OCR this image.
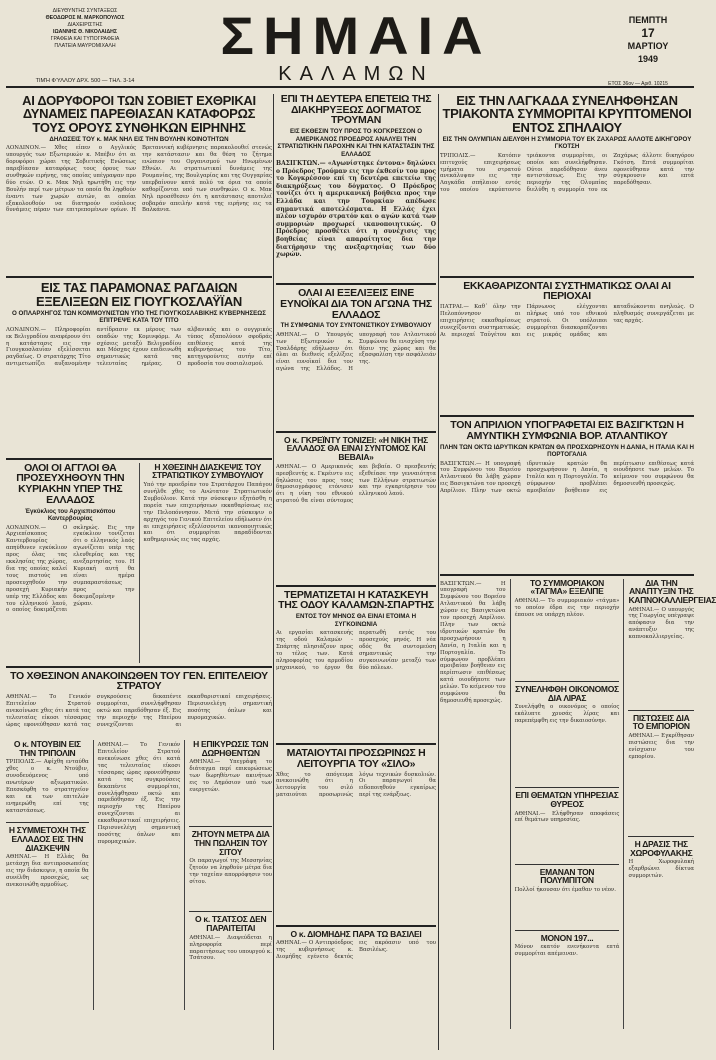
ΔΙΕΥΘΥΝΤΗΣ ΣΥΝΤΑΞΕΩΣ
ΘΕΟΔΩΡΟΣ Μ. ΜΑΡΚΟΠΟΥΛΟΣ
ΔΙΑΧΕΙΡΙΣΤΗΣ
ΙΩΑΝΝΗΣ Θ. ΝΙΚΟΛΑΙΔΗΣ
ΓΡΑΦΕΙΑ ΚΑΙ ΤΥΠΟΓΡΑΦΕΙΑ
ΠΛΑΤΕΙΑ ΜΑΥΡΟΜΙΧΑΛΗ
ΤΙΜΉ ΦΎΛΛΟΥ ΔΡΧ. 500 — ΤΗΛ. 3-14
ΣΗΜΑΙΑ
ΚΑΛΑΜΩΝ
ΠΕΜΠΤΗ
17
ΜΑΡΤΙΟΥ
1949
ΕΤΟΣ 36ον — Αριθ. 10215
ΑΙ ΔΟΡΥΦΟΡΟΙ ΤΩΝ ΣΟΒΙΕΤ ΕΧΘΡΙΚΑΙ ΔΥΝΑΜΕΙΣ ΠΑΡΕΘΙΑΣΑΝ ΚΑΤΑΦΟΡΩΣ ΤΟΥΣ ΟΡΟΥΣ ΣΥΝΘΗΚΩΝ ΕΙΡΗΝΗΣ
ΔΗΛΩΣΕΙΣ ΤΟΥ κ. ΜΑΚ ΝΗΛ ΕΙΣ ΤΗΝ ΒΟΥΛΗΝ ΚΟΙΝΟΤΗΤΩΝ
ΛΟΝΔΙΝΟΝ.— Χθες είπεν ο Αγγλικός υπουργός των Εξωτερικών κ. Μπέβιν ότι αι δορυφόροι χώραι της Σοβιετικής Ενώσεως παρεβίασαν καταφόρως τους όρους των συνθηκών ειρήνης, τας οποίας υπέγραψαν προ δύο ετών. Ο κ. Μακ Νηλ ηρωτήθη εις την Βουλήν περί των μέτρων τα οποία θα ληφθούν έναντι των χωρών αυτών, αι οποίαι εξακολουθούν να διατηρούν ενόπλους δυνάμεις πέραν των επιτρεπομένων ορίων. Η Βρεταννική κυβέρνησις παρακολουθεί στενώς την κατάστασιν και θα θέση το ζήτημα ενώπιον του Οργανισμού των Ηνωμένων Εθνών. Αι στρατιωτικαί δυνάμεις της Ρουμανίας, της Βουλγαρίας και της Ουγγαρίας υπερβαίνουν κατά πολύ τα όρια τα οποία καθορίζονται υπό των συνθηκών. Ο κ. Μακ Νηλ προσέθεσεν ότι η κατάστασις αποτελεί σοβαράν απειλήν κατά της ειρήνης εις τα Βαλκάνια.
ΕΙΣ ΤΑΣ ΠΑΡΑΜΟΝΑΣ ΡΑΓΔΑΙΩΝ ΕΞΕΛΙΞΕΩΝ ΕΙΣ ΓΙΟΥΓΚΟΣΛΑΫΪΑΝ
Ο ΟΠΛΑΡΧΗΓΟΣ ΤΩΝ ΚΟΜΜΟΥΝΙΣΤΩΝ ΥΠΟ ΤΗΣ ΓΙΟΥΓΚΟΣΛΑΒΙΚΗΣ ΚΥΒΕΡΝΗΣΕΩΣ ΕΠΙΤΡΕΨΕ ΚΑΤΑ ΤΟΥ ΤΙΤΟ
ΛΟΝΔΙΝΟΝ.— Πληροφορίαι εκ Βελιγραδίου αναφέρουν ότι η κατάστασις εις την Γιουγκοσλαυΐαν εξελίσσεται ραγδαίως. Ο στρατάρχης Τίτο αντιμετωπίζει αυξανομένην αντίδρασιν εκ μέρους των οπαδών της Κομινφόρμ. Αι σχέσεις μεταξύ Βελιγραδίου και Μόσχας έχουν επιδεινωθή σημαντικώς κατά τας τελευταίας ημέρας. Ο αλβανικός και ο ουγγρικός τύπος εξαπολύουν σφοδράς επιθέσεις κατά της κυβερνήσεως του Τίτο, κατηγορούντες αυτήν επί προδοσία του σοσιαλισμού.
ΟΛΟΙ ΟΙ ΑΓΓΛΟΙ ΘΑ ΠΡΟΣΕΥΧΗΘΟΥΝ ΤΗΝ ΚΥΡΙΑΚΗΝ ΥΠΕΡ ΤΗΣ ΕΛΛΑΔΟΣ
Ἐγκύκλιος του Αρχιεπισκόπου Καντερβουρίας
ΛΟΝΔΙΝΟΝ.— Ο Αρχιεπίσκοπος Καντερβουρίας απηύθυνεν εγκύκλιον προς όλας τας εκκλησίας της χώρας, δια της οποίας καλεί τους πιστούς να προσευχηθούν την προσεχή Κυριακήν υπέρ της Ελλάδος και του ελληνικού λαού, ο οποίος δοκιμάζεται σκληρώς. Εις την εγκύκλιον τονίζεται ότι ο ελληνικός λαός αγωνίζεται υπέρ της ελευθερίας και της ανεξαρτησίας του. Η Κυριακή αυτή θα είναι ημέρα συμπαραστάσεως προς την δοκιμαζομένην χώραν.
Η ΧΘΕΣΙΝΗ ΔΙΑΣΚΕΨΙΣ ΤΟΥ ΣΤΡΑΤΙΩΤΙΚΟΥ ΣΥΜΒΟΥΛΙΟΥ
Υπό την προεδρίαν του Στρατάρχου Παπάγου συνήλθε χθες το Ανώτατον Στρατιωτικόν Συμβούλιον. Κατά την σύσκεψιν εξητάσθη η πορεία των επιχειρήσεων εκκαθαρίσεως εις την Πελοπόννησον. Μετά την σύσκεψιν ο αρχηγός του Γενικού Επιτελείου εδήλωσεν ότι αι επιχειρήσεις εξελίσσονται ικανοποιητικώς και ότι συμμορίται παραδίδονται καθημερινώς εις τας αρχάς.
ΤΟ ΧΘΕΣΙΝΟΝ ΑΝΑΚΟΙΝΩΘΕΝ ΤΟΥ ΓΕΝ. ΕΠΙΤΕΛΕΙΟΥ ΣΤΡΑΤΟΥ
ΑΘΗΝΑΙ.— Το Γενικόν Επιτελείον Στρατού ανεκοίνωσε χθες ότι κατά τας τελευταίας είκοσι τέσσαρας ώρας εφονεύθησαν κατά τας συγκρούσεις δεκαπέντε συμμορίται, συνελήφθησαν οκτώ και παρεδόθησαν έξ. Εις την περιοχήν της Ηπείρου συνεχίζονται αι εκκαθαριστικαί επιχειρήσεις. Περισυνελέγη σημαντική ποσότης όπλων και πυρομαχικών.
Ο κ. ΝΤΟΥΒΙΝ ΕΙΣ ΤΗΝ ΤΡΙΠΟΛΙΝ
ΤΡΙΠΟΛΙΣ.— Αφίχθη ενταύθα χθες ο κ. Ντούβιν, συνοδευόμενος υπό ανωτέρων αξιωματικών. Επεσκέφθη το στρατηγείον και εκ των επιτελών ενημερώθη επί της καταστάσεως.
Η ΣΥΜΜΕΤΟΧΗ ΤΗΣ ΕΛΛΑΔΟΣ ΕΙΣ ΤΗΝ ΔΙΑΣΚΕΨΙΝ
ΑΘΗΝΑΙ.— Η Ελλάς θα μετάσχη δια αντιπροσωπείας εις την διάσκεψιν, η οποία θα συνέλθη προσεχώς, ως ανεκοινώθη αρμοδίως.
ΑΘΗΝΑΙ.— Το Γενικόν Επιτελείον Στρατού ανεκοίνωσε χθες ότι κατά τας τελευταίας είκοσι τέσσαρας ώρας εφονεύθησαν κατά τας συγκρούσεις δεκαπέντε συμμορίται, συνελήφθησαν οκτώ και παρεδόθησαν έξ. Εις την περιοχήν της Ηπείρου συνεχίζονται αι εκκαθαριστικαί επιχειρήσεις. Περισυνελέγη σημαντική ποσότης όπλων και πυρομαχικών.
Η ΕΠΙΚΥΡΩΣΙΣ ΤΩΝ ΔΩΡΗΘΕΝΤΩΝ
ΑΘΗΝΑΙ.— Υπεγράφη το διάταγμα περί επικυρώσεως των δωρηθέντων ακινήτων εις το Δημόσιον υπό των ευεργετών.
ΖΗΤΟΥΝ ΜΕΤΡΑ ΔΙΑ ΤΗΝ ΠΩΛΗΣΙΝ ΤΟΥ ΣΙΤΟΥ
Οι παραγωγοί της Μεσσηνίας ζητούν να ληφθούν μέτρα δια την ταχείαν απορρόφησιν του σίτου.
Ο κ. ΤΣΑΤΣΟΣ ΔΕΝ ΠΑΡΑΙΤΕΙΤΑΙ
ΑΘΗΝΑΙ.— Διαψεύδεται η πληροφορία περί παραιτήσεως του υπουργού κ. Τσάτσου.
ΕΠΙ ΤΗ ΔΕΥΤΕΡΑ ΕΠΕΤΕΙΩ ΤΗΣ ΔΙΑΚΗΡΥΞΕΩΣ ΔΟΓΜΑΤΟΣ ΤΡΟΥΜΑΝ
ΕΙΣ ΕΚΘΕΣΙΝ ΤΟΥ ΠΡΟΣ ΤΟ ΚΟΓΚΡΕΣΣΟΝ Ο ΑΜΕΡΙΚΑΝΟΣ ΠΡΟΕΔΡΟΣ ΑΝΑΛΥΕΙ ΤΗΝ ΣΤΡΑΤΙΩΤΙΚΗΝ ΠΑΡΟΧΗΝ ΚΑΙ ΤΗΝ ΚΑΤΑΣΤΑΣΙΝ ΤΗΣ ΕΛΛΑΔΟΣ
ΒΑΣΙΓΚΤΩΝ.— «Αγωνίστηκε έντονα» δηλώνει ο Πρόεδρος Τρούμαν εις την έκθεσίν του προς το Κογκρέσσον επί τη δευτέρα επετείω της διακηρύξεως του δόγματος. Ο Πρόεδρος τονίζει ότι η αμερικανική βοήθεια προς την Ελλάδα και την Τουρκίαν απέδωσε σημαντικά αποτελέσματα. Η Ελλάς έχει πλέον ισχυρόν στρατόν και ο αγών κατά των συμμοριών προχωρεί ικανοποιητικώς. Ο Πρόεδρος προσθέτει ότι η συνέχισις της βοηθείας είναι απαραίτητος δια την διατήρησιν της ανεξαρτησίας των δύο χωρών.
ΟΛΑΙ ΑΙ ΕΞΕΛΙΞΕΙΣ ΕΙΝΕ ΕΥΝΟΪΚΑΙ ΔΙΑ ΤΟΝ ΑΓΩΝΑ ΤΗΣ ΕΛΛΑΔΟΣ
ΤΗ ΣΥΜΦΩΝΙΑ ΤΟΥ ΣΥΝΤΟΝΙΣΤΙΚΟΥ ΣΥΜΒΟΥΛΙΟΥ
ΑΘΗΝΑΙ.— Ο Υπουργός των Εξωτερικών κ. Τσαλδάρης εδήλωσεν ότι όλαι αι διεθνείς εξελίξεις είναι ευνοϊκαί δια τον αγώνα της Ελλάδος. Η υπογραφή του Ατλαντικού Συμφώνου θα ενισχύση την θέσιν της χώρας και θα εξασφαλίση την ασφάλειάν της.
Ο κ. ΓΚΡΕΪΝΤΥ ΤΟΝΙΖΕΙ: «Η ΝΙΚΗ ΤΗΣ ΕΛΛΑΔΟΣ ΘΑ ΕΙΝΑΙ ΣΥΝΤΟΜΟΣ ΚΑΙ ΒΕΒΑΙΑ»
ΑΘΗΝΑΙ.— Ο Αμερικανός πρεσβευτής κ. Γκρέιντυ εις δηλώσεις του προς τους δημοσιογράφους ετόνισεν ότι η νίκη του εθνικού στρατού θα είναι σύντομος και βεβαία. Ο πρεσβευτής εξεθείασε την γενναιότητα των Ελλήνων στρατιωτών και την εγκαρτέρησιν του ελληνικού λαού.
ΤΕΡΜΑΤΙΖΕΤΑΙ Η ΚΑΤΑΣΚΕΥΗ ΤΗΣ ΟΔΟΥ ΚΑΛΑΜΩΝ-ΣΠΑΡΤΗΣ
ΕΝΤΟΣ ΤΟΥ ΜΗΝΟΣ ΘΑ ΕΙΝΑΙ ΕΤΟΙΜΑ Η ΣΥΓΚΟΙΝΩΝΙΑ
Αι εργασίαι κατασκευής της οδού Καλαμών - Σπάρτης πλησιάζουν προς το τέλος των. Κατά πληροφορίας του αρμοδίου μηχανικού, το έργον θα περατωθή εντός του προσεχούς μηνός. Η νέα οδός θα συντομεύση σημαντικώς την συγκοινωνίαν μεταξύ των δύο πόλεων.
ΜΑΤΑΙΟΥΤΑΙ ΠΡΟΣΩΡΙΝΩΣ Η ΛΕΙΤΟΥΡΓΙΑ ΤΟΥ «ΣΙΛΟ»
Χθες το απόγευμα ανεκοινώθη ότι η λειτουργία του σιλό ματαιούται προσωρινώς λόγω τεχνικών δυσκολιών. Οι παραγωγοί θα ειδοποιηθούν εγκαίρως περί της ενάρξεως.
Ο κ. ΔΙΟΜΗΔΗΣ ΠΑΡΑ ΤΩ ΒΑΣΙΛΕΙ
ΑΘΗΝΑΙ.— Ο Αντιπρόεδρος της κυβερνήσεως κ. Διομήδης εγένετο δεκτός εις ακρόασιν υπό του Βασιλέως.
ΕΙΣ ΤΗΝ ΛΑΓΚΑΔΑ ΣΥΝΕΛΗΦΘΗΣΑΝ ΤΡΙΑΚΟΝΤΑ ΣΥΜΜΟΡΙΤΑΙ ΚΡΥΠΤΟΜΕΝΟΙ ΕΝΤΟΣ ΣΠΗΛΑΙΟΥ
ΕΙΣ ΤΗΝ ΟΛΥΜΠΙΑΝ ΔΙΕΛΥΘΗ Η ΣΥΜΜΟΡΙΑ ΤΟΥ ΕΚ ΖΑΧΑΡΩΣ ΑΛΛΟΤΕ ΔΙΚΗΓΟΡΟΥ ΓΚΟΤΣΗ
ΤΡΙΠΟΛΙΣ.— Κατόπιν επιτυχούς επιχειρήσεως τμήματα του στρατού ανεκάλυψαν εις την Λαγκάδα σπήλαιον εντός του οποίου εκρύπτοντο τριάκοντα συμμορίται, οι οποίοι και συνελήφθησαν. Ούτοι παρεδόθησαν άνευ αντιστάσεως. Εις την περιοχήν της Ολυμπίας διελύθη η συμμορία του εκ Ζαχάρως άλλοτε δικηγόρου Γκότση. Επτά συμμορίται εφονεύθησαν κατά την σύγκρουσιν και επτά παρεδόθησαν.
ΕΚΚΑΘΑΡΙΖΟΝΤΑΙ ΣΥΣΤΗΜΑΤΙΚΩΣ ΟΛΑΙ ΑΙ ΠΕΡΙΟΧΑΙ
ΠΑΤΡΑΙ.— Καθ᾽ όλην την Πελοπόννησον αι επιχειρήσεις εκκαθαρίσεως συνεχίζονται συστηματικώς. Αι περιοχαί Ταϋγέτου και Πάρνωνος ελέγχονται πλήρως υπό του εθνικού στρατού. Οι υπόλοιποι συμμορίται διασκορπίζονται εις μικράς ομάδας και καταδιώκονται ανηλεώς. Ο πληθυσμός συνεργάζεται με τας αρχάς.
ΤΟΝ ΑΠΡΙΛΙΟΝ ΥΠΟΓΡΑΦΕΤΑΙ ΕΙΣ ΒΑΣΙΓΚΤΩΝ Η ΑΜΥΝΤΙΚΗ ΣΥΜΦΩΝΙΑ ΒΟΡ. ΑΤΛΑΝΤΙΚΟΥ
ΠΛΗΝ ΤΩΝ ΟΚΤΩ ΙΔΡΥΤΙΚΩΝ ΚΡΑΤΩΝ ΘΑ ΠΡΟΣΧΩΡΗΣΟΥΝ Η ΔΑΝΙΑ, Η ΙΤΑΛΙΑ ΚΑΙ Η ΠΟΡΤΟΓΑΛΙΑ
ΒΑΣΙΓΚΤΩΝ.— Η υπογραφή του Συμφώνου του Βορείου Ατλαντικού θα λάβη χώραν εις Βασιγκτώνα τον προσεχή Απρίλιον. Πλην των οκτώ ιδρυτικών κρατών θα προσχωρήσουν η Δανία, η Ιταλία και η Πορτογαλία. Το σύμφωνον προβλέπει αμοιβαίαν βοήθειαν εις περίπτωσιν επιθέσεως κατά οιουδήποτε των μελών. Το κείμενον του συμφώνου θα δημοσιευθή προσεχώς.
ΒΑΣΙΓΚΤΩΝ.— Η υπογραφή του Συμφώνου του Βορείου Ατλαντικού θα λάβη χώραν εις Βασιγκτώνα τον προσεχή Απρίλιον. Πλην των οκτώ ιδρυτικών κρατών θα προσχωρήσουν η Δανία, η Ιταλία και η Πορτογαλία. Το σύμφωνον προβλέπει αμοιβαίαν βοήθειαν εις περίπτωσιν επιθέσεως κατά οιουδήποτε των μελών. Το κείμενον του συμφώνου θα δημοσιευθή προσεχώς.
ΤΟ ΣΥΜΜΟΡΙΑΚΟΝ «ΤΑΓΜΑ» ΕΞΕΛΙΠΕ
ΑΘΗΝΑΙ.— Το συμμοριακόν «τάγμα» το οποίον έδρα εις την περιοχήν έπαυσε να υπάρχη πλέον.
ΣΥΝΕΛΗΦΘΗ ΟΙΚΟΝΟΜΟΣ ΔΙΑ ΛΙΡΑΣ
Συνελήφθη ο οικονόμος ο οποίος εκάλυπτε χρυσάς λίρας και παρεπέμφθη εις την δικαιοσύνην.
ΕΠΙ ΘΕΜΑΤΩΝ ΥΠΗΡΕΣΙΑΣ ΘΥΡΕΟΣ
ΑΘΗΝΑΙ.— Ελήφθησαν αποφάσεις επί θεμάτων υπηρεσίας.
ΕΜΑΝΑΝ ΤΟΝ ΠΟΛΥΜΠΙΤΟΝ
Πολλοί ήκουσαν ότι έμαθαν το νέον.
ΜΟΝΟΝ 197...
Μόνον εκατόν ενενήκοντα επτά συμμορίται απέμειναν.
ΔΙΑ ΤΗΝ ΑΝΑΠΤΥΞΙΝ ΤΗΣ ΚΑΠΝΟΚΑΛΛΙΕΡΓΕΙΑΣ
ΑΘΗΝΑΙ.— Ο υπουργός της Γεωργίας υπέγραψε απόφασιν δια την ανάπτυξιν της καπνοκαλλιεργείας.
ΠΙΣΤΩΣΕΙΣ ΔΙΑ ΤΟ ΕΜΠΟΡΙΟΝ
ΑΘΗΝΑΙ.— Εγκρίθησαν πιστώσεις δια την ενίσχυσιν του εμπορίου.
Η ΔΡΑΣΙΣ ΤΗΣ ΧΩΡΟΦΥΛΑΚΗΣ
Η Χωροφυλακή εξαρθρώνει δίκτυα συμμοριτών.
